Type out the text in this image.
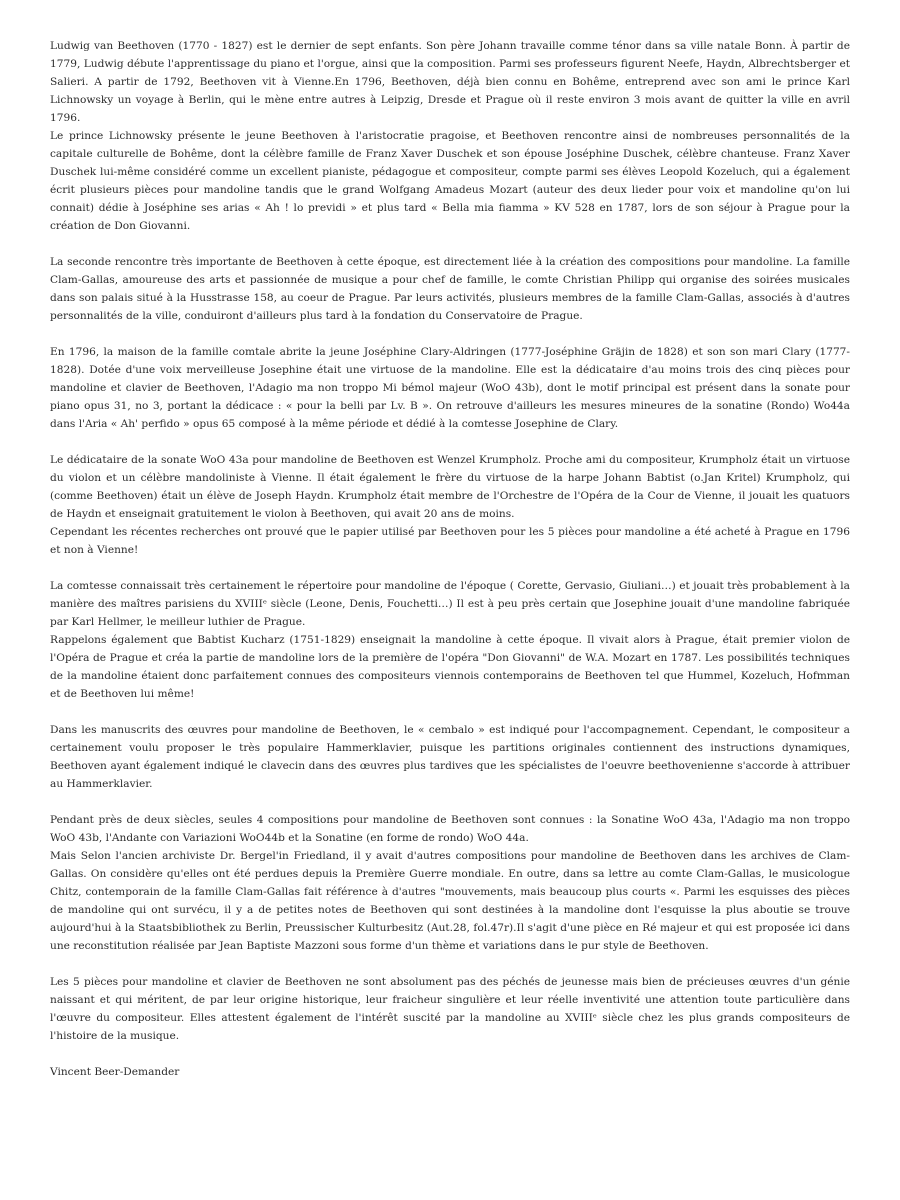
Ludwig van Beethoven (1770 - 1827) est le dernier de sept enfants. Son père Johann travaille comme ténor dans sa ville natale Bonn. À partir de 1779, Ludwig débute l'apprentissage du piano et l'orgue, ainsi que la composition. Parmi ses professeurs figurent Neefe, Haydn, Albrechtsberger et Salieri. A partir de 1792, Beethoven vit à Vienne.En 1796, Beethoven, déjà bien connu en Bohême, entreprend avec son ami le prince Karl Lichnowsky un voyage à Berlin, qui le mène entre autres à Leipzig, Dresde et Prague où il reste environ 3 mois avant de quitter la ville en avril 1796.

Le prince Lichnowsky présente le jeune Beethoven à l'aristocratie pragoise, et Beethoven rencontre ainsi de nombreuses personnalités de la capitale culturelle de Bohême, dont la célèbre famille de Franz Xaver Duschek et son épouse Joséphine Duschek, célèbre chanteuse. Franz Xaver Duschek lui-même considéré comme un excellent pianiste, pédagogue et compositeur, compte parmi ses élèves Leopold Kozeluch, qui a également écrit plusieurs pièces pour mandoline tandis que le grand Wolfgang Amadeus Mozart (auteur des deux lieder pour voix et mandoline qu'on lui connait) dédie à Joséphine ses arias « Ah ! lo previdi » et plus tard « Bella mia fiamma » KV 528 en 1787, lors de son séjour à Prague pour la création de Don Giovanni.

La seconde rencontre très importante de Beethoven à cette époque, est directement liée à la création des compositions pour mandoline. La famille Clam-Gallas, amoureuse des arts et passionnée de musique a pour chef de famille, le comte Christian Philipp qui organise des soirées musicales dans son palais situé à la Husstrasse 158, au coeur de Prague. Par leurs activités, plusieurs membres de la famille Clam-Gallas, associés à d'autres personnalités de la ville, conduiront d'ailleurs plus tard à la fondation du Conservatoire de Prague.

En 1796, la maison de la famille comtale abrite la jeune Joséphine Clary-Aldringen (1777-Joséphine Gräjin de 1828) et son son mari Clary (1777-1828). Dotée d'une voix merveilleuse Josephine était une virtuose de la mandoline. Elle est la dédicataire d'au moins trois des cinq pièces pour mandoline et clavier de Beethoven, l'Adagio ma non troppo Mi bémol majeur (WoO 43b), dont le motif principal est présent dans la sonate pour piano opus 31, no 3, portant la dédicace : « pour la belli par Lv. B ». On retrouve d'ailleurs les mesures mineures de la sonatine (Rondo) Wo44a dans l'Aria « Ah' perfido » opus 65 composé à la même période et dédié à la comtesse Josephine de Clary.

Le dédicataire de la sonate WoO 43a pour mandoline de Beethoven est Wenzel Krumpholz. Proche ami du compositeur, Krumpholz était un virtuose du violon et un célèbre mandoliniste à Vienne. Il était également le frère du virtuose de la harpe Johann Babtist (o.Jan Kritel) Krumpholz, qui (comme Beethoven) était un élève de Joseph Haydn. Krumpholz était membre de l'Orchestre de l'Opéra de la Cour de Vienne, il jouait les quatuors de Haydn et enseignait gratuitement le violon à Beethoven, qui avait 20 ans de moins.

Cependant les récentes recherches ont prouvé que le papier utilisé par Beethoven pour les 5 pièces pour mandoline a été acheté à Prague en 1796 et non à Vienne!

La comtesse connaissait très certainement le répertoire pour mandoline de l'époque ( Corette, Gervasio, Giuliani…) et jouait très probablement à la manière des maîtres parisiens du XVIIIᵉ siècle (Leone, Denis, Fouchetti…) Il est à peu près certain que Josephine jouait d'une mandoline fabriquée par Karl Hellmer, le meilleur luthier de Prague.

Rappelons également que Babtist Kucharz (1751-1829) enseignait la mandoline à cette époque. Il vivait alors à Prague, était premier violon de l'Opéra de Prague et créa la partie de mandoline lors de la première de l'opéra "Don Giovanni" de W.A. Mozart en 1787. Les possibilités techniques de la mandoline étaient donc parfaitement connues des compositeurs viennois contemporains de Beethoven tel que Hummel, Kozeluch, Hofmman et de Beethoven lui même!

Dans les manuscrits des œuvres pour mandoline de Beethoven, le « cembalo » est indiqué pour l'accompagnement. Cependant, le compositeur a certainement voulu proposer le très populaire Hammerklavier, puisque les partitions originales contiennent des instructions dynamiques, Beethoven ayant également indiqué le clavecin dans des œuvres plus tardives que les spécialistes de l'oeuvre beethovenienne s'accorde à attribuer au Hammerklavier.

Pendant près de deux siècles, seules 4 compositions pour mandoline de Beethoven sont connues : la Sonatine WoO 43a, l'Adagio ma non troppo WoO 43b, l'Andante con Variazioni WoO44b et la Sonatine (en forme de rondo) WoO 44a.

Mais Selon l'ancien archiviste Dr. Bergel'in Friedland, il y avait d'autres compositions pour mandoline de Beethoven dans les archives de Clam-Gallas. On considère qu'elles ont été perdues depuis la Première Guerre mondiale. En outre, dans sa lettre au comte Clam-Gallas, le musicologue Chitz, contemporain de la famille Clam-Gallas fait référence à d'autres "mouvements, mais beaucoup plus courts «. Parmi les esquisses des pièces de mandoline qui ont survécu, il y a de petites notes de Beethoven qui sont destinées à la mandoline dont l'esquisse la plus aboutie se trouve aujourd'hui à la Staatsbibliothek zu Berlin, Preussischer Kulturbesitz (Aut.28, fol.47r).Il s'agit d'une pièce en Ré majeur et qui est proposée ici dans une reconstitution réalisée par Jean Baptiste Mazzoni sous forme d'un thème et variations dans le pur style de Beethoven.

Les 5 pièces pour mandoline et clavier de Beethoven ne sont absolument pas des péchés de jeunesse mais bien de précieuses œuvres d'un génie naissant et qui méritent, de par leur origine historique, leur fraicheur singulière et leur réelle inventivité une attention toute particulière dans l'œuvre du compositeur. Elles attestent également de l'intérêt suscité par la mandoline au XVIIIᵉ siècle chez les plus grands compositeurs de l'histoire de la musique.

Vincent Beer-Demander
